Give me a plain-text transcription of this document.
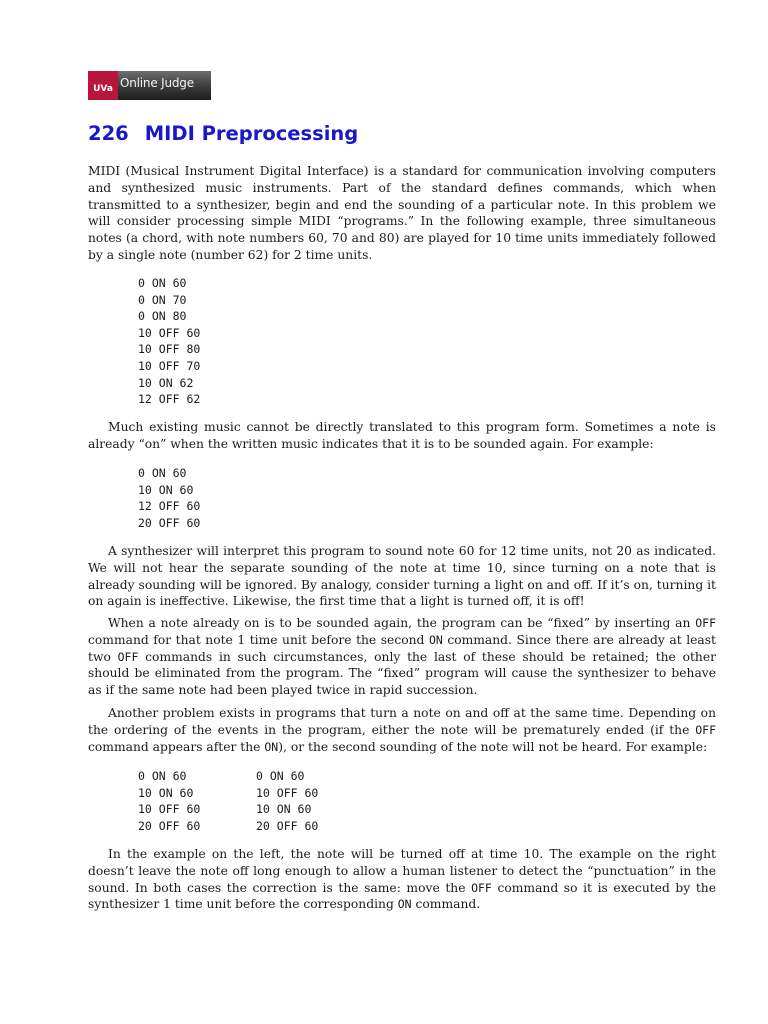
UVa Online Judge
226 MIDI Preprocessing

MIDI (Musical Instrument Digital Interface) is a standard for communication involving computers and synthesized music instruments. Part of the standard defines commands, which when transmitted to a synthesizer, begin and end the sounding of a particular note. In this problem we will consider processing simple MIDI “programs.” In the following example, three simultaneous notes (a chord, with note numbers 60, 70 and 80) are played for 10 time units immediately followed by a single note (number 62) for 2 time units.

0 ON 60
0 ON 70
0 ON 80
10 OFF 60
10 OFF 80
10 OFF 70
10 ON 62
12 OFF 62

Much existing music cannot be directly translated to this program form. Sometimes a note is already “on” when the written music indicates that it is to be sounded again. For example:

0 ON 60
10 ON 60
12 OFF 60
20 OFF 60

A synthesizer will interpret this program to sound note 60 for 12 time units, not 20 as indicated. We will not hear the separate sounding of the note at time 10, since turning on a note that is already sounding will be ignored. By analogy, consider turning a light on and off. If it’s on, turning it on again is ineffective. Likewise, the first time that a light is turned off, it is off!

When a note already on is to be sounded again, the program can be “fixed” by inserting an OFF command for that note 1 time unit before the second ON command. Since there are already at least two OFF commands in such circumstances, only the last of these should be retained; the other should be eliminated from the program. The “fixed” program will cause the synthesizer to behave as if the same note had been played twice in rapid succession.

Another problem exists in programs that turn a note on and off at the same time. Depending on the ordering of the events in the program, either the note will be prematurely ended (if the OFF command appears after the ON), or the second sounding of the note will not be heard. For example:

0 ON 60
10 ON 60
10 OFF 60
20 OFF 60
0 ON 60
10 OFF 60
10 ON 60
20 OFF 60

In the example on the left, the note will be turned off at time 10. The example on the right doesn’t leave the note off long enough to allow a human listener to detect the “punctuation” in the sound. In both cases the correction is the same: move the OFF command so it is executed by the synthesizer 1 time unit before the corresponding ON command.
